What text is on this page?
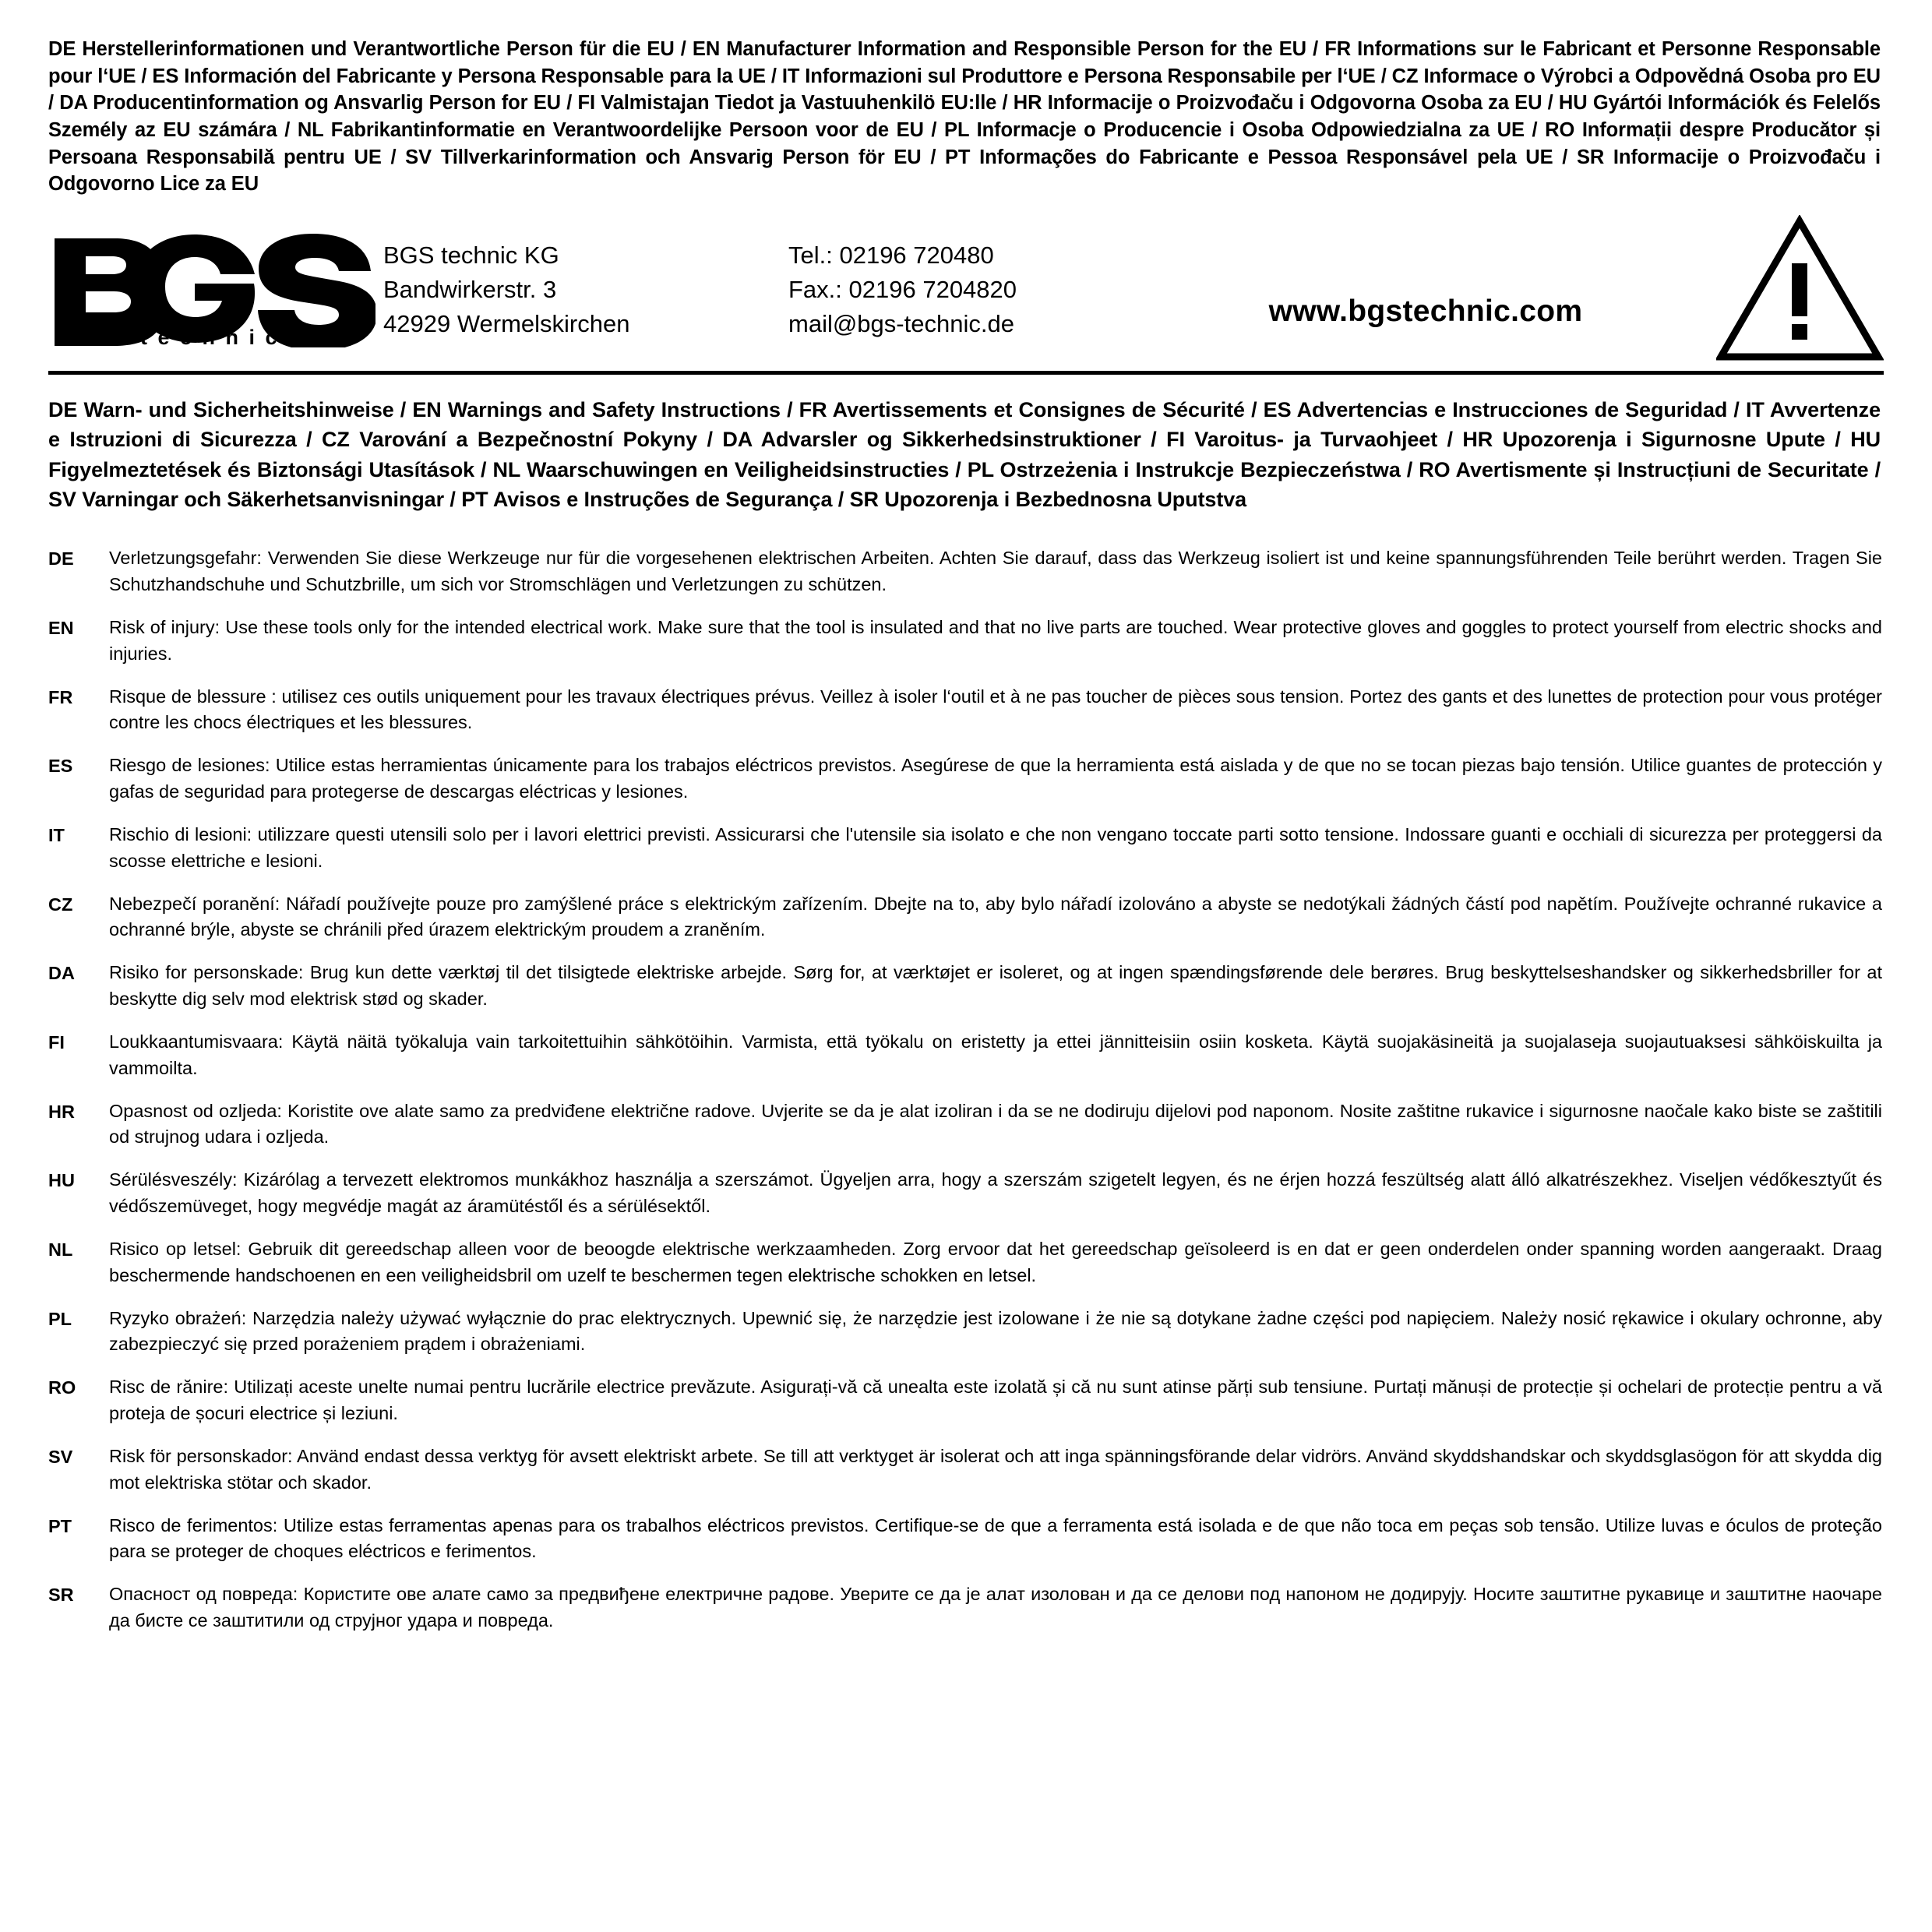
DE Herstellerinformationen und Verantwortliche Person für die EU / EN Manufacturer Information and Responsible Person for the EU / FR Informations sur le Fabricant et Personne Responsable pour l‘UE / ES Información del Fabricante y Persona Responsable para la UE / IT Informazioni sul Produttore e Persona Responsabile per l‘UE / CZ Informace o Výrobci a Odpovědná Osoba pro EU / DA Producentinformation og Ansvarlig Person for EU / FI Valmistajan Tiedot ja Vastuuhenkilö EU:lle / HR Informacije o Proizvođaču i Odgovorna Osoba za EU / HU Gyártói Információk és Felelős Személy az EU számára / NL Fabrikantinformatie en Verantwoordelijke Persoon voor de EU / PL Informacje o Producencie i Osoba Odpowiedzialna za UE / RO Informații despre Producător și Persoana Responsabilă pentru UE / SV Tillverkarinformation och Ansvarig Person för EU / PT Informações do Fabricante e Pessoa Responsável pela UE / SR Informacije o Proizvođaču i Odgovorno Lice za EU
®
t e c h n i c
BGS technic KG
Bandwirkerstr. 3
42929 Wermelskirchen
Tel.: 02196 720480
Fax.: 02196 7204820
mail@bgs-technic.de	www.bgstechnic.com
DE Warn- und Sicherheitshinweise / EN Warnings and Safety Instructions / FR Avertissements et Consignes de Sécurité / ES Advertencias e Instrucciones de Seguridad / IT Avvertenze e Istruzioni di Sicurezza / CZ Varování a Bezpečnostní Pokyny / DA Advarsler og Sikkerhedsinstruktioner / FI Varoitus- ja Turvaohjeet / HR Upozorenja i Sigurnosne Upute / HU Figyelmeztetések és Biztonsági Utasítások / NL Waarschuwingen en Veiligheidsinstructies / PL Ostrzeżenia i Instrukcje Bezpieczeństwa / RO Avertismente și Instrucțiuni de Securitate / SV Varningar och Säkerhetsanvisningar / PT Avisos e Instruções de Segurança / SR Upozorenja i Bezbednosna Uputstva
DE	Verletzungsgefahr: Verwenden Sie diese Werkzeuge nur für die vorgesehenen elektrischen Arbeiten. Achten Sie darauf, dass das Werkzeug isoliert ist und keine spannungsführenden Teile berührt werden. Tragen Sie Schutzhandschuhe und Schutzbrille, um sich vor Stromschlägen und Verletzungen zu schützen.
EN	Risk of injury: Use these tools only for the intended electrical work. Make sure that the tool is insulated and that no live parts are touched. Wear protective gloves and goggles to protect yourself from electric shocks and injuries.
FR	Risque de blessure : utilisez ces outils uniquement pour les travaux électriques prévus. Veillez à isoler l‘outil et à ne pas toucher de pièces sous tension. Portez des gants et des lunettes de protection pour vous protéger contre les chocs électriques et les blessures.
ES	Riesgo de lesiones: Utilice estas herramientas únicamente para los trabajos eléctricos previstos. Asegúrese de que la herramienta está aislada y de que no se tocan piezas bajo tensión. Utilice guantes de protección y gafas de seguridad para protegerse de descargas eléctricas y lesiones.
IT	Rischio di lesioni: utilizzare questi utensili solo per i lavori elettrici previsti. Assicurarsi che l'utensile sia isolato e che non vengano toccate parti sotto tensione. Indossare guanti e occhiali di sicurezza per proteggersi da scosse elettriche e lesioni.
CZ	Nebezpečí poranění: Nářadí používejte pouze pro zamýšlené práce s elektrickým zařízením. Dbejte na to, aby bylo nářadí izolováno a abyste se nedotýkali žádných částí pod napětím. Používejte ochranné rukavice a ochranné brýle, abyste se chránili před úrazem elektrickým proudem a zraněním.
DA	Risiko for personskade: Brug kun dette værktøj til det tilsigtede elektriske arbejde. Sørg for, at værktøjet er isoleret, og at ingen spændingsførende dele berøres. Brug beskyttelseshandsker og sikkerhedsbriller for at beskytte dig selv mod elektrisk stød og skader.
FI	Loukkaantumisvaara: Käytä näitä työkaluja vain tarkoitettuihin sähkötöihin. Varmista, että työkalu on eristetty ja ettei jännitteisiin osiin kosketa. Käytä suojakäsineitä ja suojalaseja suojautuaksesi sähköiskuilta ja vammoilta.
HR	Opasnost od ozljeda: Koristite ove alate samo za predviđene električne radove. Uvjerite se da je alat izoliran i da se ne dodiruju dijelovi pod naponom. Nosite zaštitne rukavice i sigurnosne naočale kako biste se zaštitili od strujnog udara i ozljeda.
HU	Sérülésveszély: Kizárólag a tervezett elektromos munkákhoz használja a szerszámot. Ügyeljen arra, hogy a szerszám szigetelt legyen, és ne érjen hozzá feszültség alatt álló alkatrészekhez. Viseljen védőkesztyűt és védőszemüveget, hogy megvédje magát az áramütéstől és a sérülésektől.
NL	Risico op letsel: Gebruik dit gereedschap alleen voor de beoogde elektrische werkzaamheden. Zorg ervoor dat het gereedschap geïsoleerd is en dat er geen onderdelen onder spanning worden aangeraakt. Draag beschermende handschoenen en een veiligheidsbril om uzelf te beschermen tegen elektrische schokken en letsel.
PL	Ryzyko obrażeń: Narzędzia należy używać wyłącznie do prac elektrycznych. Upewnić się, że narzędzie jest izolowane i że nie są dotykane żadne części pod napięciem. Należy nosić rękawice i okulary ochronne, aby zabezpieczyć się przed porażeniem prądem i obrażeniami.
RO	Risc de rănire: Utilizați aceste unelte numai pentru lucrările electrice prevăzute. Asigurați-vă că unealta este izolată și că nu sunt atinse părți sub tensiune. Purtați mănuși de protecție și ochelari de protecție pentru a vă proteja de șocuri electrice și leziuni.
SV	Risk för personskador: Använd endast dessa verktyg för avsett elektriskt arbete. Se till att verktyget är isolerat och att inga spänningsförande delar vidrörs. Använd skyddshandskar och skyddsglasögon för att skydda dig mot elektriska stötar och skador.
PT	Risco de ferimentos: Utilize estas ferramentas apenas para os trabalhos eléctricos previstos. Certifique-se de que a ferramenta está isolada e de que não toca em peças sob tensão. Utilize luvas e óculos de proteção para se proteger de choques eléctricos e ferimentos.
SR	Опасност од повреда: Користите ове алате само за предвиђене електричне радове. Уверите се да је алат изолован и да се делови под напоном не додирују. Носите заштитне рукавице и заштитне наочаре да бисте се заштитили од струјног удара и повреда.
